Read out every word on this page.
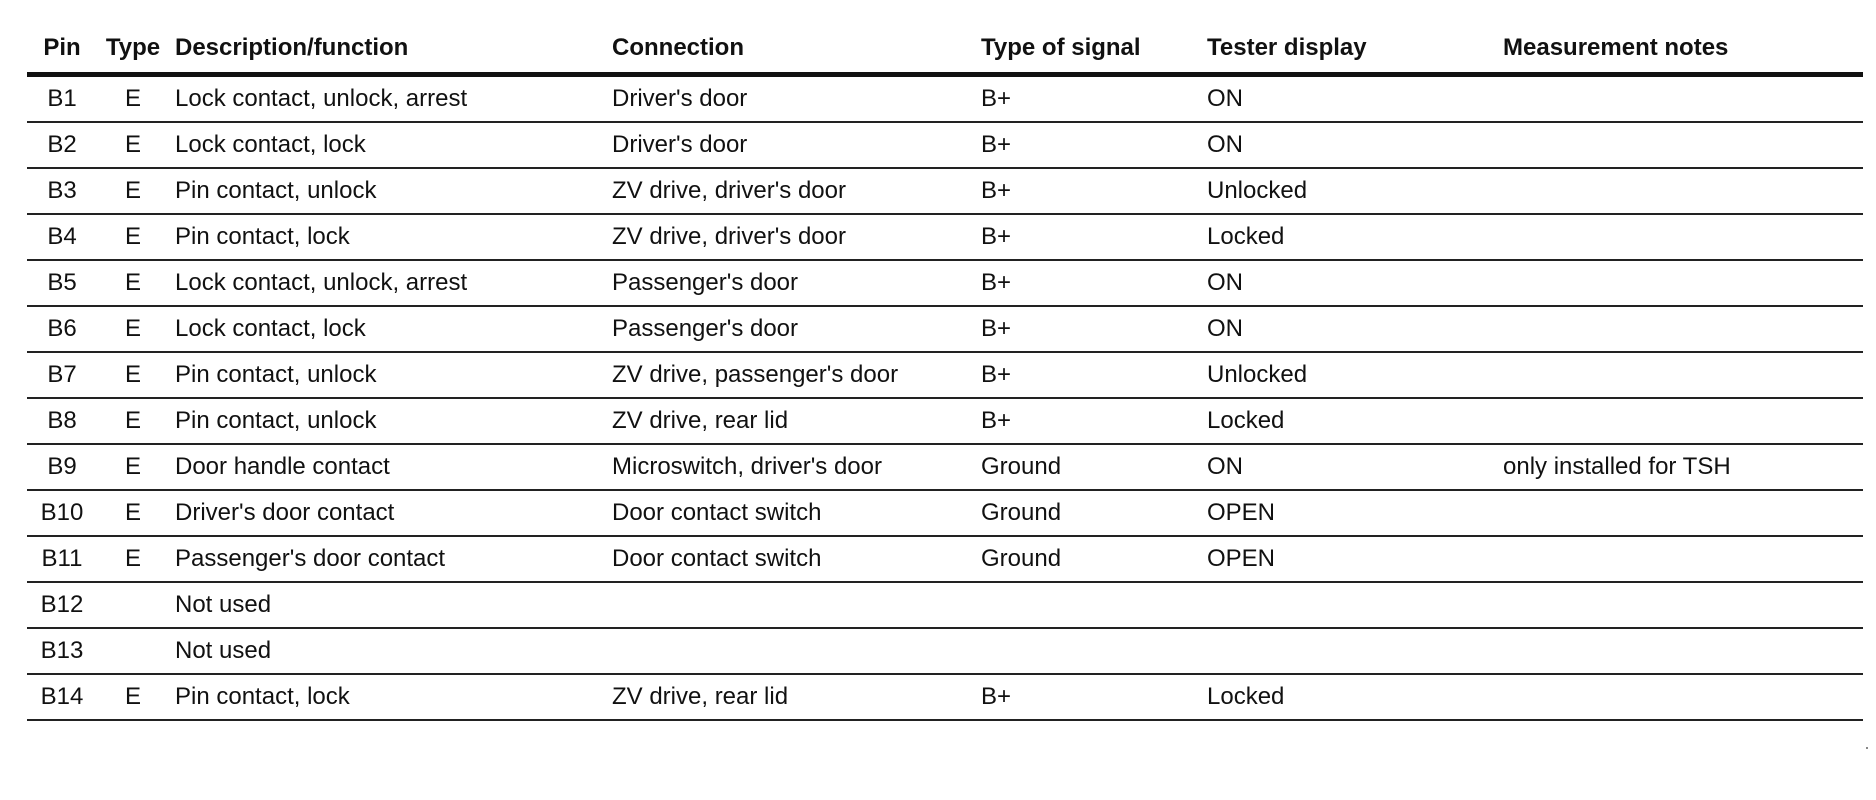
Pin	Type	Description/function	Connection	Type of signal	Tester display	Measurement notes
B1	E	Lock contact, unlock, arrest	Driver's door	B+	ON	
B2	E	Lock contact, lock	Driver's door	B+	ON	
B3	E	Pin contact, unlock	ZV drive, driver's door	B+	Unlocked	
B4	E	Pin contact, lock	ZV drive, driver's door	B+	Locked	
B5	E	Lock contact, unlock, arrest	Passenger's door	B+	ON	
B6	E	Lock contact, lock	Passenger's door	B+	ON	
B7	E	Pin contact, unlock	ZV drive, passenger's door	B+	Unlocked	
B8	E	Pin contact, unlock	ZV drive, rear lid	B+	Locked	
B9	E	Door handle contact	Microswitch, driver's door	Ground	ON	only installed for TSH
B10	E	Driver's door contact	Door contact switch	Ground	OPEN	
B11	E	Passenger's door contact	Door contact switch	Ground	OPEN	
B12		Not used				
B13		Not used				
B14	E	Pin contact, lock	ZV drive, rear lid	B+	Locked	
